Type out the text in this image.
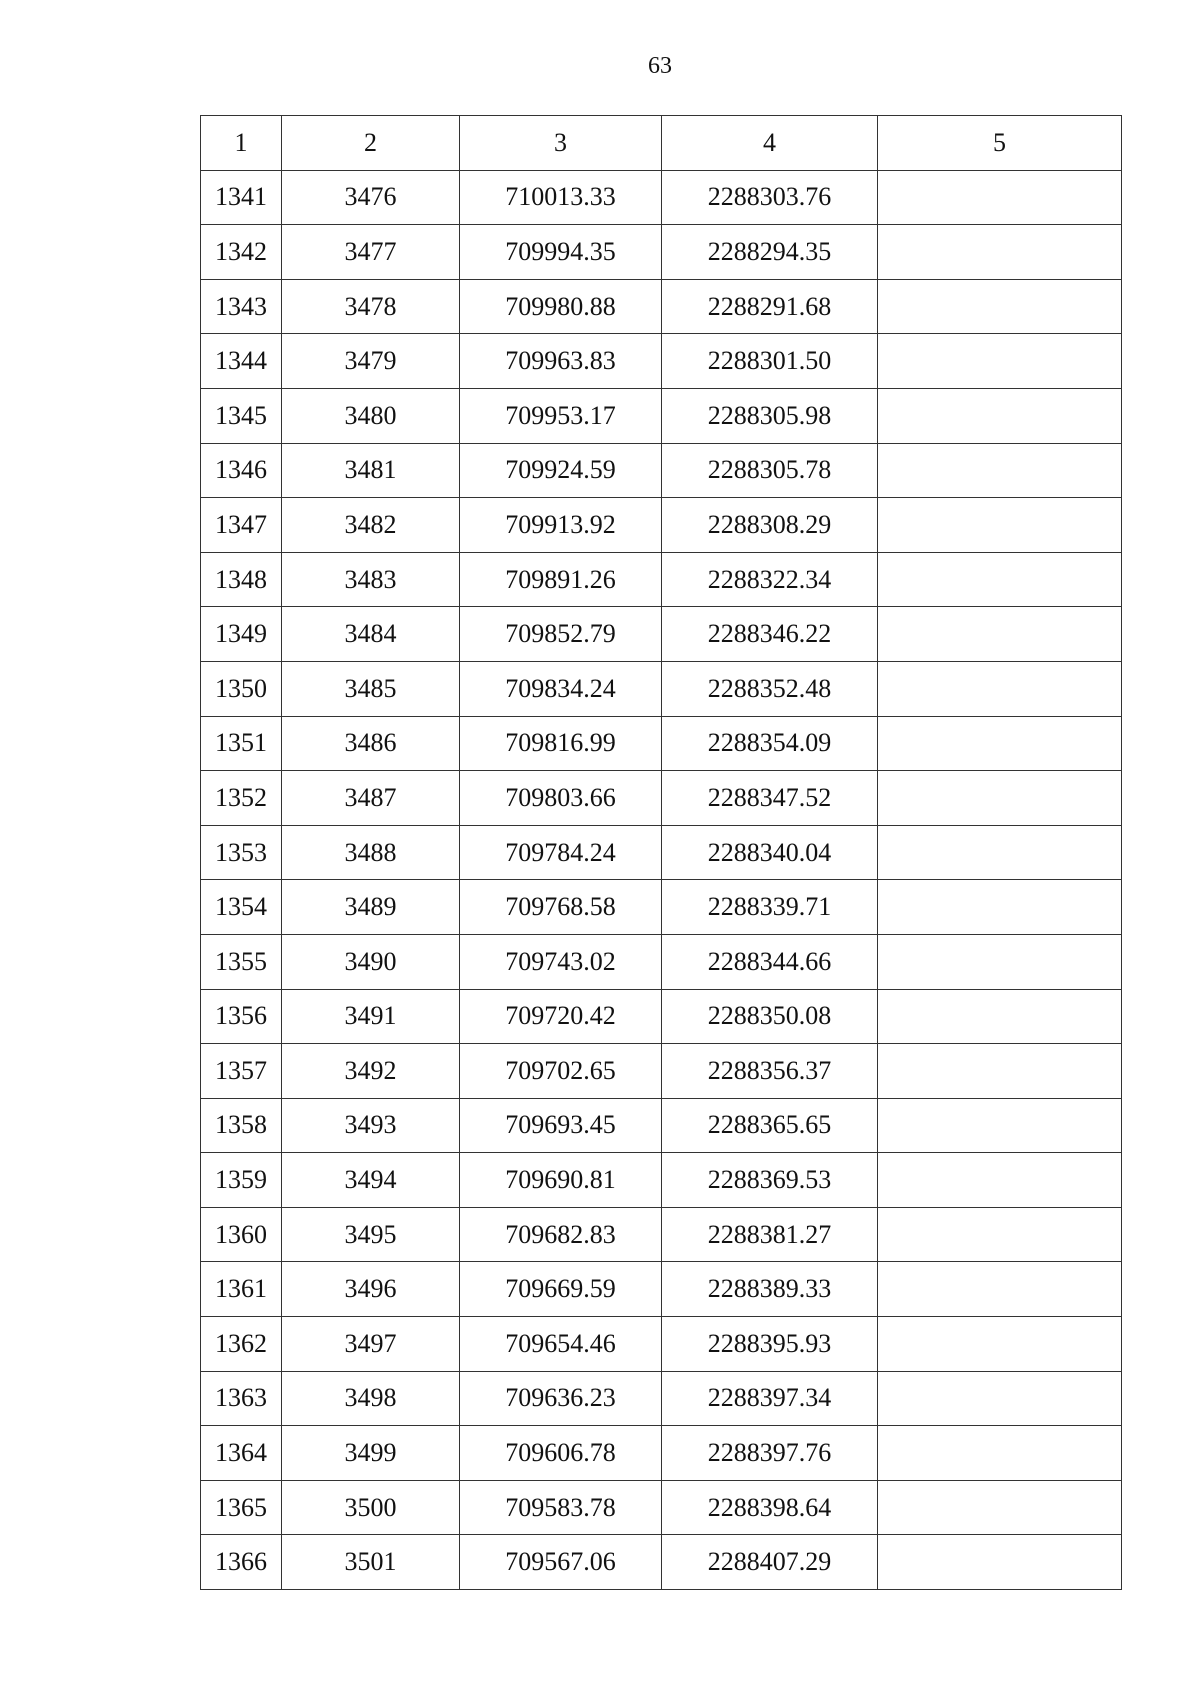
63
1	2	3	4	5
1341	3476	710013.33	2288303.76	
1342	3477	709994.35	2288294.35	
1343	3478	709980.88	2288291.68	
1344	3479	709963.83	2288301.50	
1345	3480	709953.17	2288305.98	
1346	3481	709924.59	2288305.78	
1347	3482	709913.92	2288308.29	
1348	3483	709891.26	2288322.34	
1349	3484	709852.79	2288346.22	
1350	3485	709834.24	2288352.48	
1351	3486	709816.99	2288354.09	
1352	3487	709803.66	2288347.52	
1353	3488	709784.24	2288340.04	
1354	3489	709768.58	2288339.71	
1355	3490	709743.02	2288344.66	
1356	3491	709720.42	2288350.08	
1357	3492	709702.65	2288356.37	
1358	3493	709693.45	2288365.65	
1359	3494	709690.81	2288369.53	
1360	3495	709682.83	2288381.27	
1361	3496	709669.59	2288389.33	
1362	3497	709654.46	2288395.93	
1363	3498	709636.23	2288397.34	
1364	3499	709606.78	2288397.76	
1365	3500	709583.78	2288398.64	
1366	3501	709567.06	2288407.29	
